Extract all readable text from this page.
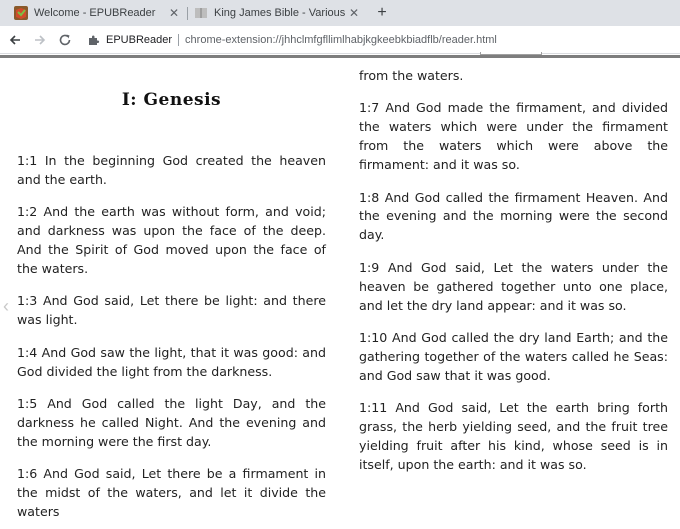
Welcome - EPUBReader	✕	King James Bible - Various ✕	+
EPUBReader chrome-extension://jhhclmfgfllimlhabjkgkeebkbiadflb/reader.html
‹
I: Genesis

1:1 In the beginning God created the heaven and the earth.

1:2 And the earth was without form, and void; and darkness was upon the face of the deep. And the Spirit of God moved upon the face of the waters.

1:3 And God said, Let there be light: and there was light.

1:4 And God saw the light, that it was good: and God divided the light from the darkness.

1:5 And God called the light Day, and the darkness he called Night. And the evening and the morning were the first day.

1:6 And God said, Let there be a firmament in the midst of the waters, and let it divide the waters

from the waters.

1:7 And God made the firmament, and divided the waters which were under the firmament from the waters which were above the firmament: and it was so.

1:8 And God called the firmament Heaven. And the evening and the morning were the second day.

1:9 And God said, Let the waters under the heaven be gathered together unto one place, and let the dry land appear: and it was so.

1:10 And God called the dry land Earth; and the gathering together of the waters called he Seas: and God saw that it was good.

1:11 And God said, Let the earth bring forth grass, the herb yielding seed, and the fruit tree yielding fruit after his kind, whose seed is in itself, upon the earth: and it was so.
